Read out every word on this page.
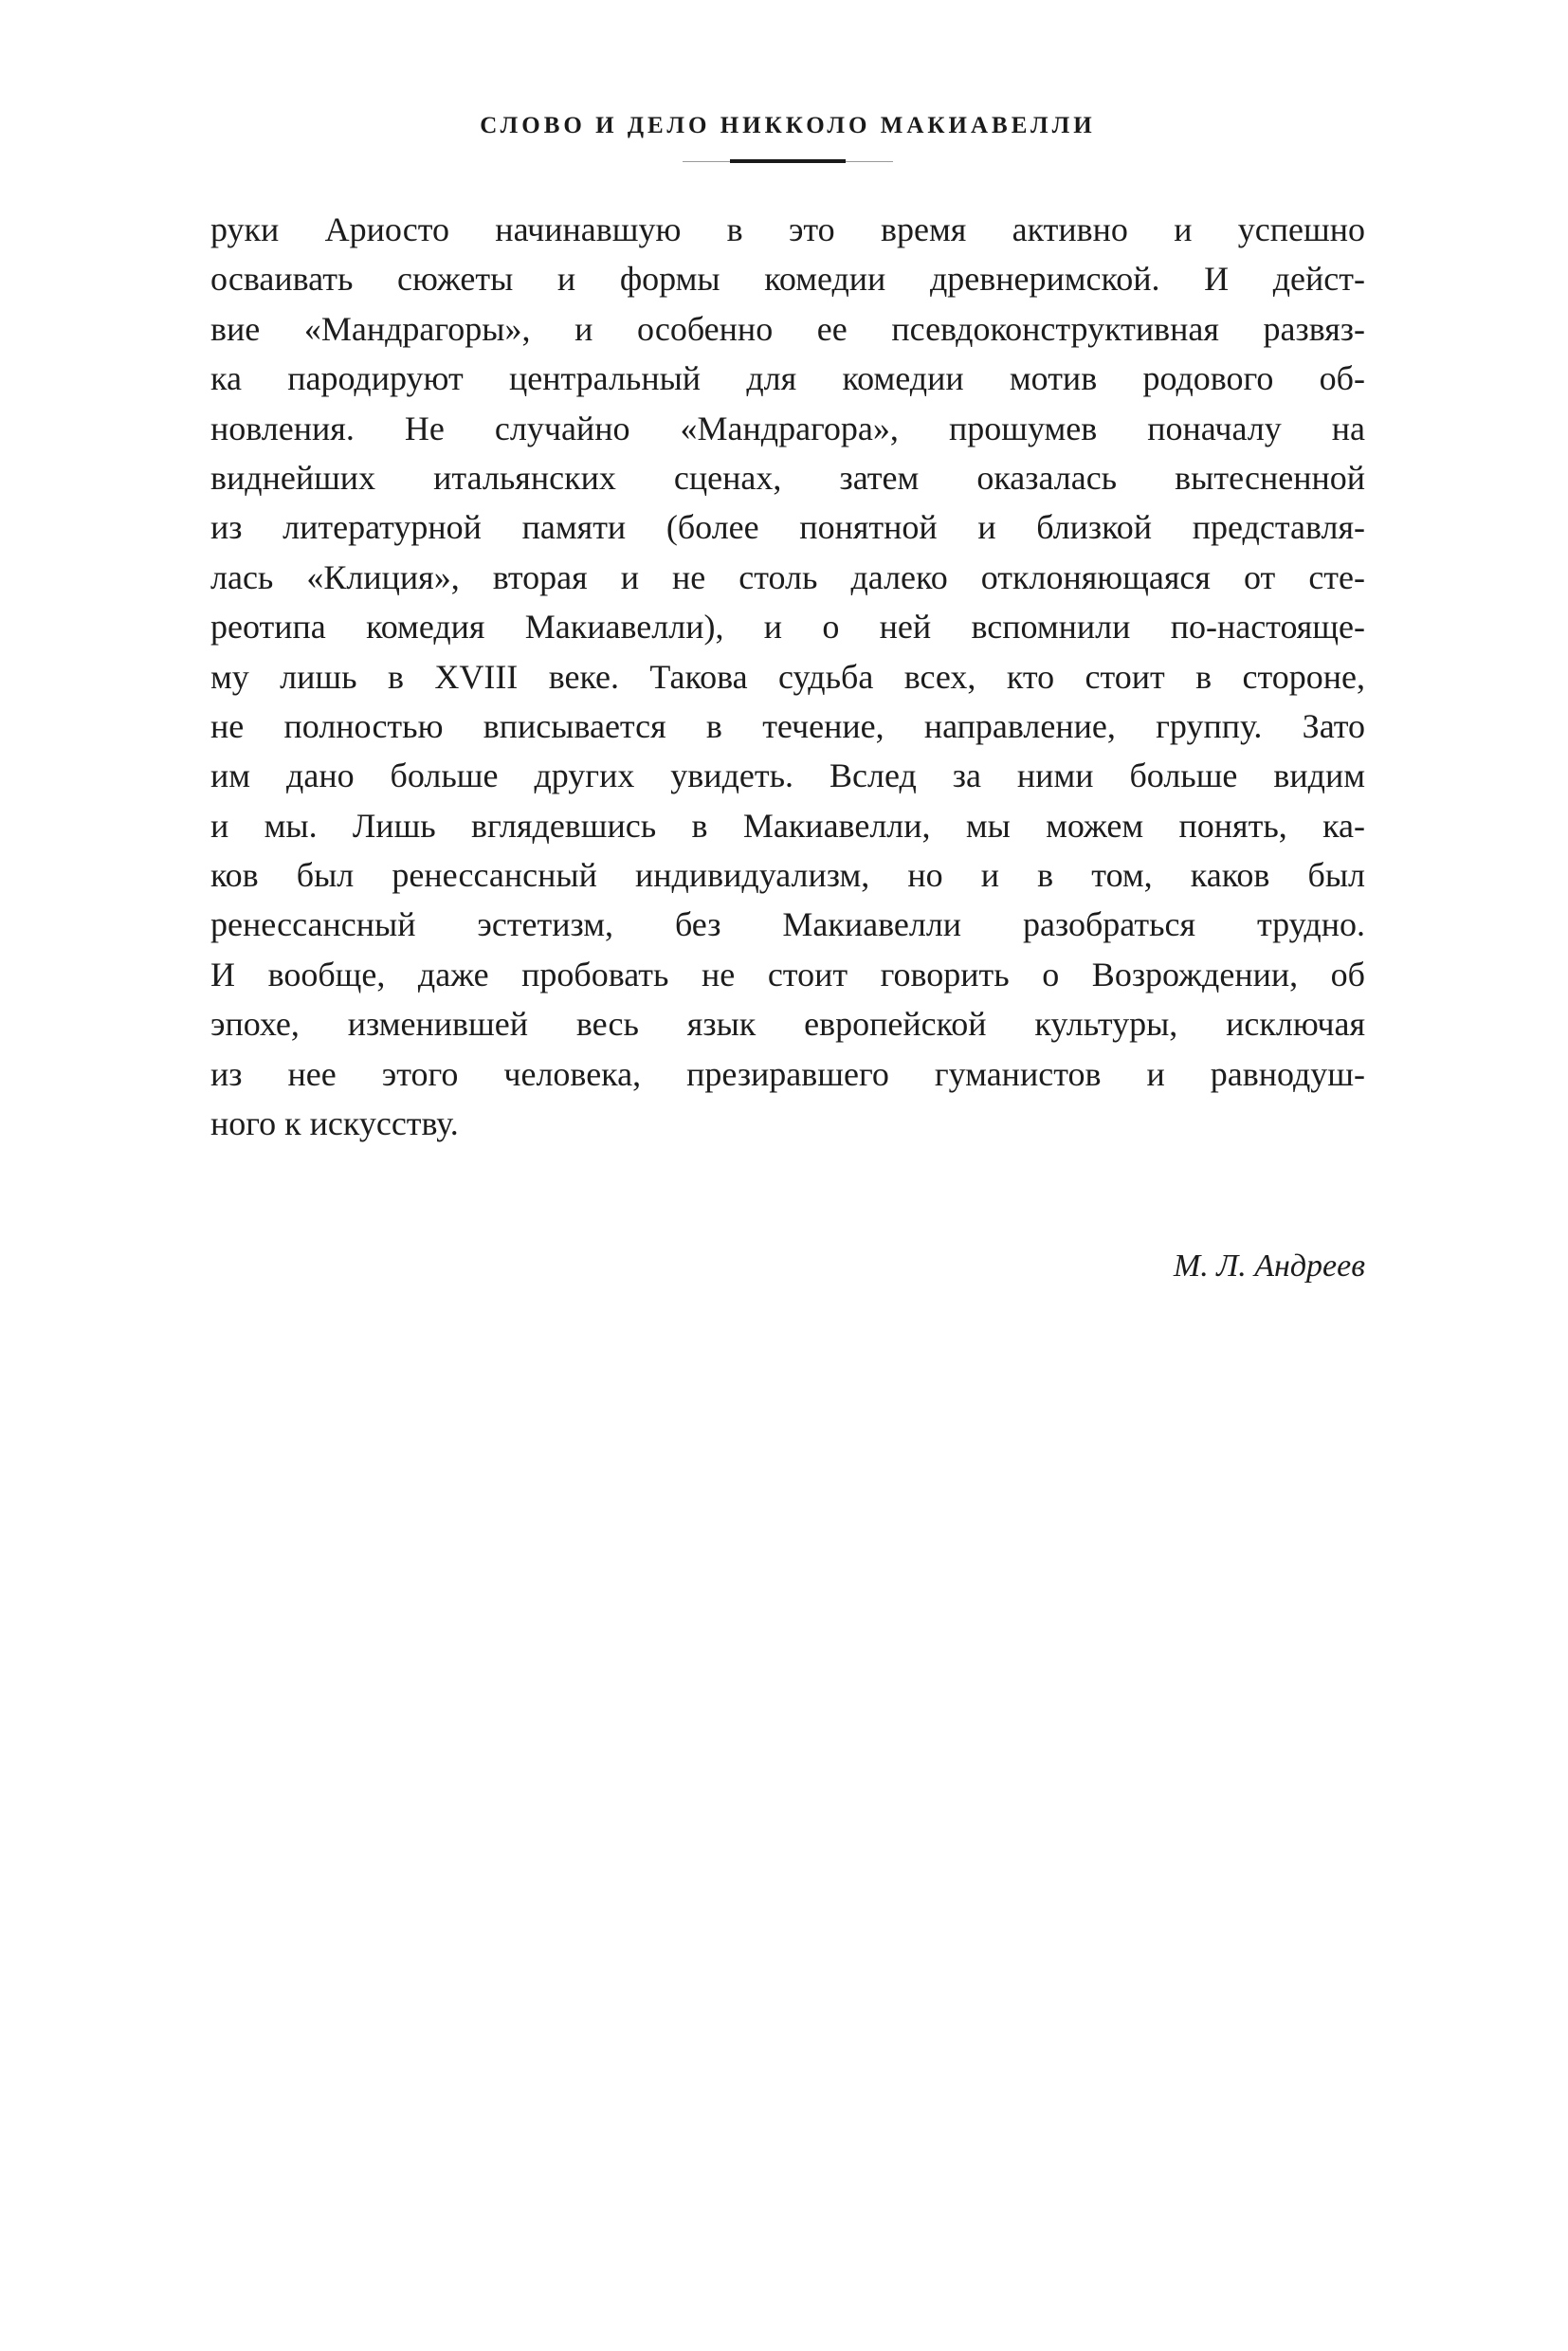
СЛОВО И ДЕЛО НИККОЛО МАКИАВЕЛЛИ
руки Ариосто начинавшую в это время активно и успешно
осваивать сюжеты и формы комедии древнеримской. И дейст-
вие «Мандрагоры», и особенно ее псевдоконструктивная развяз-
ка пародируют центральный для комедии мотив родового об-
новления. Не случайно «Мандрагора», прошумев поначалу на
виднейших итальянских сценах, затем оказалась вытесненной
из литературной памяти (более понятной и близкой представля-
лась «Клиция», вторая и не столь далеко отклоняющаяся от сте-
реотипа комедия Макиавелли), и о ней вспомнили по-настояще-
му лишь в XVIII веке. Такова судьба всех, кто стоит в стороне,
не полностью вписывается в течение, направление, группу. Зато
им дано больше других увидеть. Вслед за ними больше видим
и мы. Лишь вглядевшись в Макиавелли, мы можем понять, ка-
ков был ренессансный индивидуализм, но и в том, каков был
ренессансный эстетизм, без Макиавелли разобраться трудно.
И вообще, даже пробовать не стоит говорить о Возрождении, об
эпохе, изменившей весь язык европейской культуры, исключая
из нее этого человека, презиравшего гуманистов и равнодуш-
ного к искусству.
М. Л. Андреев
